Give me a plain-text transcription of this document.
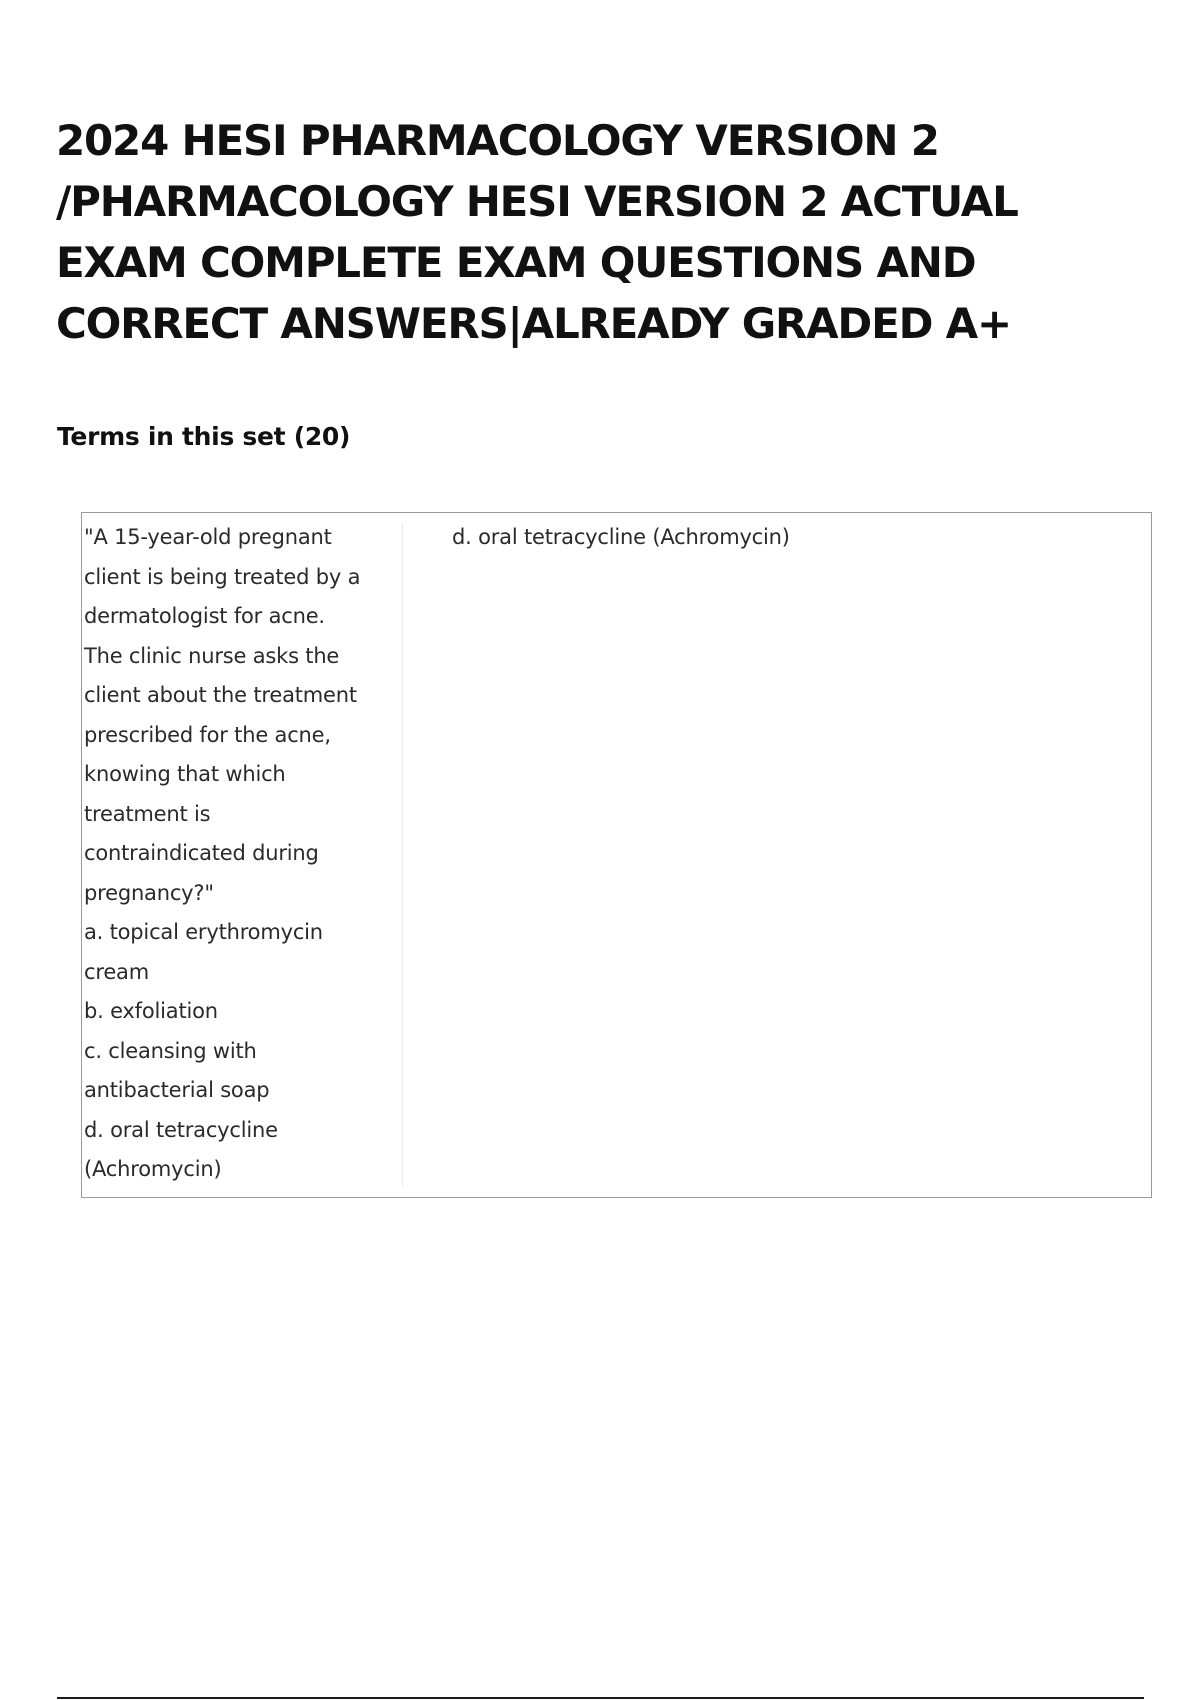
2024 HESI PHARMACOLOGY VERSION 2
/PHARMACOLOGY HESI VERSION 2 ACTUAL
EXAM COMPLETE EXAM QUESTIONS AND
CORRECT ANSWERS|ALREADY GRADED A+
Terms in this set (20)
"A 15-year-old pregnant
client is being treated by a
dermatologist for acne.
The clinic nurse asks the
client about the treatment
prescribed for the acne,
knowing that which
treatment is
contraindicated during
pregnancy?"
a. topical erythromycin
cream
b. exfoliation
c. cleansing with
antibacterial soap
d. oral tetracycline
(Achromycin)
d. oral tetracycline (Achromycin)
